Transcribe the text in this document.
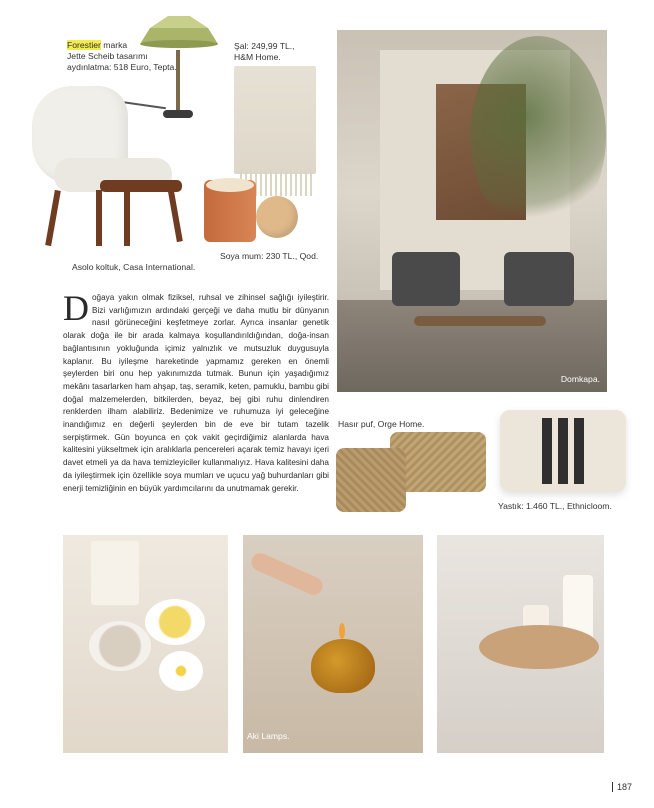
Forestier marka
Jette Scheib tasarımı
aydınlatma: 518 Euro, Tepta.
Asolo koltuk, Casa International.
Şal: 249,99 TL.,
H&M Home.
Soya mum: 230 TL., Qod.
Domkapa.
Doğaya yakın olmak fiziksel, ruhsal ve zihinsel sağlığı iyileştirir. Bizi varlığımızın ardındaki gerçeği ve daha mutlu bir dünyanın nasıl görüneceğini keşfetmeye zorlar. Ayrıca insanlar genetik olarak doğa ile bir arada kalmaya koşullandırıldığından, doğa-insan bağlantısının yokluğunda içimiz yalnızlık ve mutsuzluk duygusuyla kaplanır. Bu iyileşme hareketinde yapmamız gereken en önemli şeylerden biri onu hep yakınımızda tutmak. Bunun için yaşadığımız mekânı tasarlarken ham ahşap, taş, seramik, keten, pamuklu, bambu gibi doğal malzemelerden, bitkilerden, beyaz, bej gibi ruhu dinlendiren renklerden ilham alabiliriz. Bedenimize ve ruhumuza iyi geleceğine inandığımız en değerli şeylerden bin de eve bir tutam tazelik serpiştirmek. Gün boyunca en çok vakit geçirdiğimiz alanlarda hava kalitesini yükseltmek için aralıklarla pencereleri açarak temiz havayı içeri davet etmeli ya da hava temizleyiciler kullanmalıyız. Hava kalitesini daha da iyileştirmek için özellikle soya mumları ve uçucu yağ buhurdanları gibi enerji temizliğinin en büyük yardımcılarını da unutmamak gerekir.
Hasır puf, Orge Home.
Yastık: 1.460 TL., Ethnicloom.
Aki Lamps.
187
